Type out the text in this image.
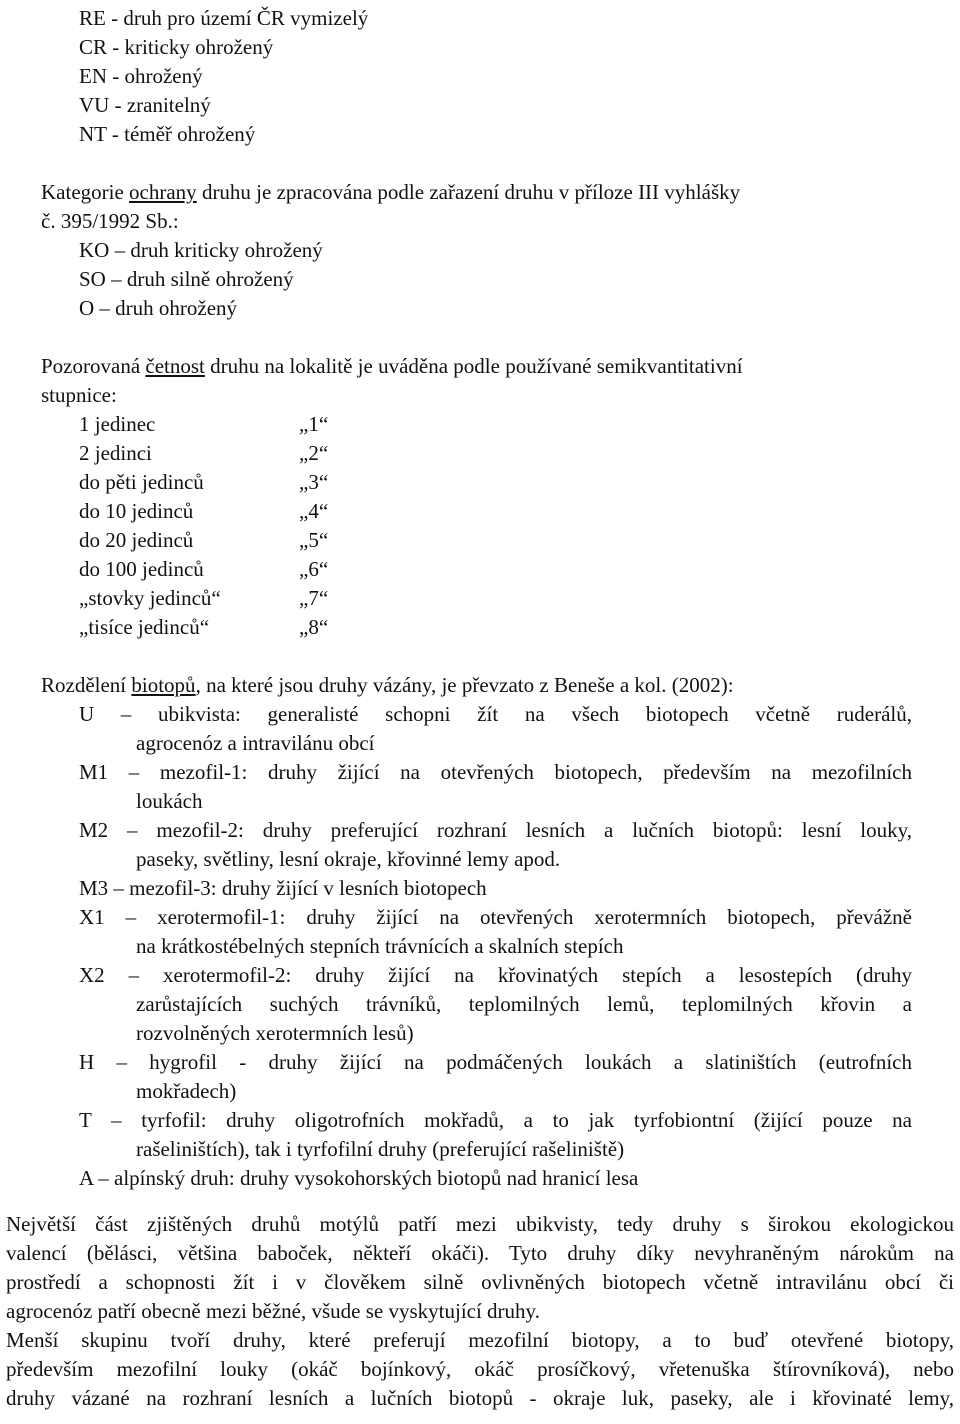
RE - druh pro území ČR vymizelý
CR - kriticky ohrožený
EN - ohrožený
VU - zranitelný
NT - téměř ohrožený
Kategorie ochrany druhu je zpracována podle zařazení druhu v příloze III vyhlášky
č. 395/1992 Sb.:
KO – druh kriticky ohrožený
SO – druh silně ohrožený
O – druh ohrožený
Pozorovaná četnost druhu na lokalitě je uváděna podle používané semikvantitativní
stupnice:
1 jedinec	„1“
2 jedinci	„2“
do pěti jedinců	„3“
do 10 jedinců	„4“
do 20 jedinců	„5“
do 100 jedinců	„6“
„stovky jedinců“	„7“
„tisíce jedinců“	„8“
Rozdělení biotopů, na které jsou druhy vázány, je převzato z Beneše a kol. (2002):
U – ubikvista: generalisté schopni žít na všech biotopech včetně ruderálů,
agrocenóz a intravilánu obcí
M1 – mezofil-1: druhy žijící na otevřených biotopech, především na mezofilních
loukách
M2 – mezofil-2: druhy preferující rozhraní lesních a lučních biotopů: lesní louky,
paseky, světliny, lesní okraje, křovinné lemy apod.
M3 – mezofil-3: druhy žijící v lesních biotopech
X1 – xerotermofil-1: druhy žijící na otevřených xerotermních biotopech, převážně
na krátkostébelných stepních trávnících a skalních stepích
X2 – xerotermofil-2: druhy žijící na křovinatých stepích a lesostepích (druhy
zarůstajících suchých trávníků, teplomilných lemů, teplomilných křovin a
rozvolněných xerotermních lesů)
H – hygrofil - druhy žijící na podmáčených loukách a slatiništích (eutrofních
mokřadech)
T – tyrfofil: druhy oligotrofních mokřadů, a to jak tyrfobiontní (žijící pouze na
rašeliništích), tak i tyrfofilní druhy (preferující rašeliniště)
A – alpínský druh: druhy vysokohorských biotopů nad hranicí lesa
Největší část zjištěných druhů motýlů patří mezi ubikvisty, tedy druhy s širokou ekologickou
valencí (bělásci, většina baboček, někteří okáči). Tyto druhy díky nevyhraněným nárokům na
prostředí a schopnosti žít i v člověkem silně ovlivněných biotopech včetně intravilánu obcí či
agrocenóz patří obecně mezi běžné, všude se vyskytující druhy.
Menší skupinu tvoří druhy, které preferují mezofilní biotopy, a to buď otevřené biotopy,
především mezofilní louky (okáč bojínkový, okáč prosíčkový, vřetenuška štírovníková), nebo
druhy vázané na rozhraní lesních a lučních biotopů - okraje luk, paseky, ale i křovinaté lemy,
